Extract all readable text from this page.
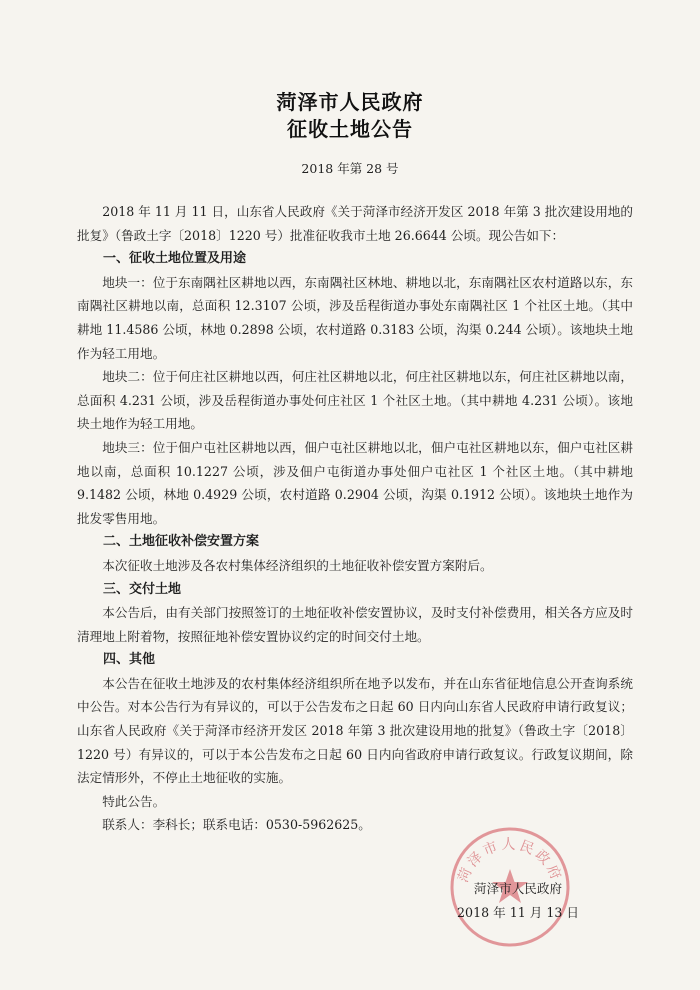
菏泽市人民政府
征收土地公告
2018 年第 28 号

2018 年 11 月 11 日，山东省人民政府《关于菏泽市经济开发区 2018 年第 3 批次建设用地的批复》（鲁政土字〔2018〕1220 号）批准征收我市土地 26.6644 公顷。现公告如下：

一、征收土地位置及用途

地块一：位于东南隅社区耕地以西，东南隅社区林地、耕地以北，东南隅社区农村道路以东，东南隅社区耕地以南，总面积 12.3107 公顷，涉及岳程街道办事处东南隅社区 1 个社区土地。（其中耕地 11.4586 公顷，林地 0.2898 公顷，农村道路 0.3183 公顷，沟渠 0.244 公顷）。该地块土地作为轻工用地。

地块二：位于何庄社区耕地以西，何庄社区耕地以北，何庄社区耕地以东，何庄社区耕地以南，总面积 4.231 公顷，涉及岳程街道办事处何庄社区 1 个社区土地。（其中耕地 4.231 公顷）。该地块土地作为轻工用地。

地块三：位于佃户屯社区耕地以西，佃户屯社区耕地以北，佃户屯社区耕地以东，佃户屯社区耕地以南，总面积 10.1227 公顷，涉及佃户屯街道办事处佃户屯社区 1 个社区土地。（其中耕地 9.1482 公顷，林地 0.4929 公顷，农村道路 0.2904 公顷，沟渠 0.1912 公顷）。该地块土地作为批发零售用地。

二、土地征收补偿安置方案

本次征收土地涉及各农村集体经济组织的土地征收补偿安置方案附后。

三、交付土地

本公告后，由有关部门按照签订的土地征收补偿安置协议，及时支付补偿费用，相关各方应及时清理地上附着物，按照征地补偿安置协议约定的时间交付土地。

四、其他

本公告在征收土地涉及的农村集体经济组织所在地予以发布，并在山东省征地信息公开查询系统中公告。对本公告行为有异议的，可以于公告发布之日起 60 日内向山东省人民政府申请行政复议；山东省人民政府《关于菏泽市经济开发区 2018 年第 3 批次建设用地的批复》（鲁政土字〔2018〕1220 号）有异议的，可以于本公告发布之日起 60 日内向省政府申请行政复议。行政复议期间，除法定情形外，不停止土地征收的实施。

特此公告。

联系人：李科长；联系电话：0530-5962625。

菏泽市人民政府
菏泽市人民政府
2018 年 11 月 13 日
